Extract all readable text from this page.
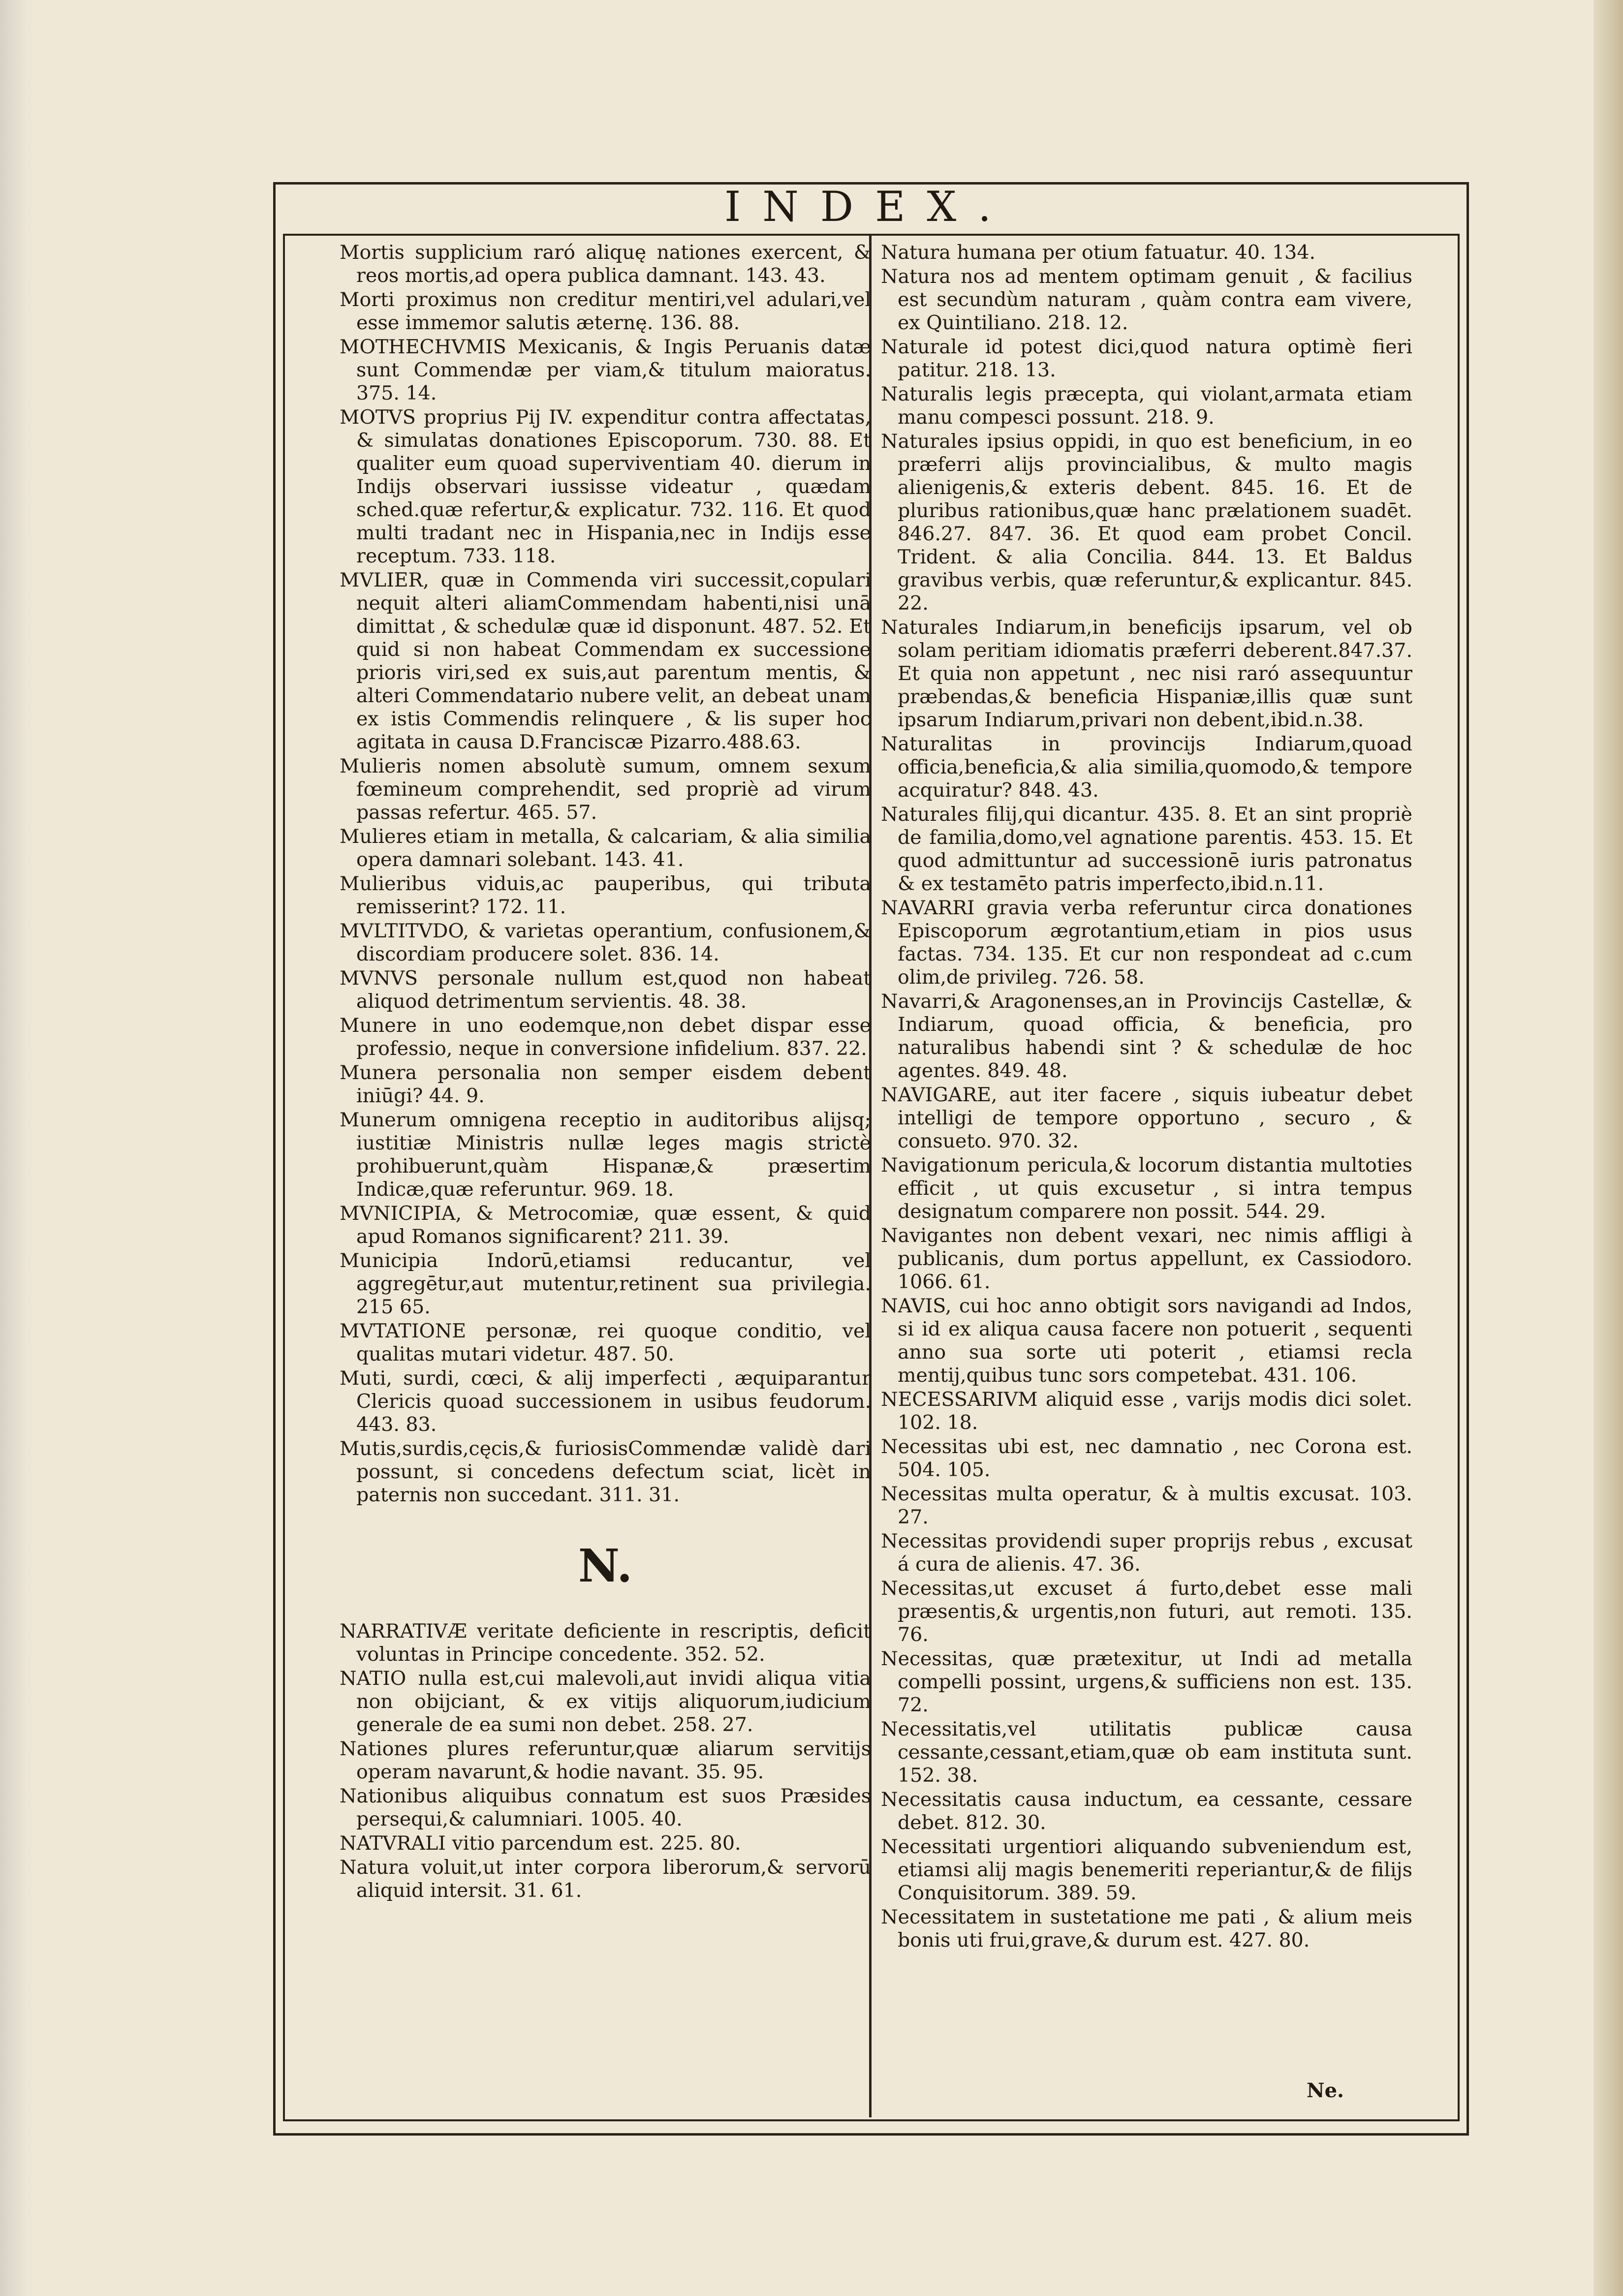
INDEX.
Mortis supplicium raró aliquę nationes exercent, & reos mortis,ad opera publica damnant. 143. 43.
Morti proximus non creditur mentiri,vel adulari,vel esse immemor salutis æternę. 136. 88.
MOTHECHVMIS Mexicanis, & Ingis Peruanis datæ sunt Commendæ per viam,& titulum maioratus. 375. 14.
MOTVS proprius Pij IV. expenditur contra affectatas, & simulatas donationes Episcoporum. 730. 88. Et qualiter eum quoad superviventiam 40. dierum in Indijs observari iussisse videatur , quædam sched.quæ refertur,& explicatur. 732. 116. Et quod multi tradant nec in Hispania,nec in Indijs esse receptum. 733. 118.
MVLIER, quæ in Commenda viri successit,copulari nequit alteri aliamCommendam habenti,nisi unā dimittat , & schedulæ quæ id disponunt. 487. 52. Et quid si non habeat Commendam ex successione prioris viri,sed ex suis,aut parentum mentis, & alteri Commendatario nubere velit, an debeat unam ex istis Commendis relinquere , & lis super hoc agitata in causa D.Franciscæ Pizarro.488.63.
Mulieris nomen absolutè sumum, omnem sexum fœmineum comprehendit, sed propriè ad virum passas refertur. 465. 57.
Mulieres etiam in metalla, & calcariam, & alia similia opera damnari solebant. 143. 41.
Mulieribus viduis,ac pauperibus, qui tributa remisserint? 172. 11.
MVLTITVDO, & varietas operantium, confusionem,& discordiam producere solet. 836. 14.
MVNVS personale nullum est,quod non habeat aliquod detrimentum servientis. 48. 38.
Munere in uno eodemque,non debet dispar esse professio, neque in conversione infidelium. 837. 22.
Munera personalia non semper eisdem debent iniūgi? 44. 9.
Munerum omnigena receptio in auditoribus alijsq; iustitiæ Ministris nullæ leges magis strictè prohibuerunt,quàm Hispanæ,& præsertim Indicæ,quæ referuntur. 969. 18.
MVNICIPIA, & Metrocomiæ, quæ essent, & quid apud Romanos significarent? 211. 39.
Municipia Indorū,etiamsi reducantur, vel aggregētur,aut mutentur,retinent sua privilegia. 215 65.
MVTATIONE personæ, rei quoque conditio, vel qualitas mutari videtur. 487. 50.
Muti, surdi, cœci, & alij imperfecti , æquiparantur Clericis quoad successionem in usibus feudorum. 443. 83.
Mutis,surdis,cęcis,& furiosisCommendæ validè dari possunt, si concedens defectum sciat, licèt in paternis non succedant. 311. 31.
N.
NARRATIVÆ veritate deficiente in rescriptis, deficit voluntas in Principe concedente. 352. 52.
NATIO nulla est,cui malevoli,aut invidi aliqua vitia non obijciant, & ex vitijs aliquorum,iudicium generale de ea sumi non debet. 258. 27.
Nationes plures referuntur,quæ aliarum servitijs operam navarunt,& hodie navant. 35. 95.
Nationibus aliquibus connatum est suos Præsides persequi,& calumniari. 1005. 40.
NATVRALI vitio parcendum est. 225. 80.
Natura voluit,ut inter corpora liberorum,& servorū aliquid intersit. 31. 61.
Natura humana per otium fatuatur. 40. 134.
Natura nos ad mentem optimam genuit , & facilius est secundùm naturam , quàm contra eam vivere, ex Quintiliano. 218. 12.
Naturale id potest dici,quod natura optimè fieri patitur. 218. 13.
Naturalis legis præcepta, qui violant,armata etiam manu compesci possunt. 218. 9.
Naturales ipsius oppidi, in quo est beneficium, in eo præferri alijs provincialibus, & multo magis alienigenis,& exteris debent. 845. 16. Et de pluribus rationibus,quæ hanc prælationem suadēt. 846.27. 847. 36. Et quod eam probet Concil. Trident. & alia Concilia. 844. 13. Et Baldus gravibus verbis, quæ referuntur,& explicantur. 845. 22.
Naturales Indiarum,in beneficijs ipsarum, vel ob solam peritiam idiomatis præferri deberent.847.37. Et quia non appetunt , nec nisi raró assequuntur præbendas,& beneficia Hispaniæ,illis quæ sunt ipsarum Indiarum,privari non debent,ibid.n.38.
Naturalitas in provincijs Indiarum,quoad officia,beneficia,& alia similia,quomodo,& tempore acquiratur? 848. 43.
Naturales filij,qui dicantur. 435. 8. Et an sint propriè de familia,domo,vel agnatione parentis. 453. 15. Et quod admittuntur ad successionē iuris patronatus & ex testamēto patris imperfecto,ibid.n.11.
NAVARRI gravia verba referuntur circa donationes Episcoporum ægrotantium,etiam in pios usus factas. 734. 135. Et cur non respondeat ad c.cum olim,de privileg. 726. 58.
Navarri,& Aragonenses,an in Provincijs Castellæ, & Indiarum, quoad officia, & beneficia, pro naturalibus habendi sint ? & schedulæ de hoc agentes. 849. 48.
NAVIGARE, aut iter facere , siquis iubeatur debet intelligi de tempore opportuno , securo , & consueto. 970. 32.
Navigationum pericula,& locorum distantia multoties efficit , ut quis excusetur , si intra tempus designatum comparere non possit. 544. 29.
Navigantes non debent vexari, nec nimis affligi à publicanis, dum portus appellunt, ex Cassiodoro. 1066. 61.
NAVIS, cui hoc anno obtigit sors navigandi ad Indos, si id ex aliqua causa facere non potuerit , sequenti anno sua sorte uti poterit , etiamsi recla mentij,quibus tunc sors competebat. 431. 106.
NECESSARIVM aliquid esse , varijs modis dici solet. 102. 18.
Necessitas ubi est, nec damnatio , nec Corona est. 504. 105.
Necessitas multa operatur, & à multis excusat. 103. 27.
Necessitas providendi super proprijs rebus , excusat á cura de alienis. 47. 36.
Necessitas,ut excuset á furto,debet esse mali præsentis,& urgentis,non futuri, aut remoti. 135. 76.
Necessitas, quæ prætexitur, ut Indi ad metalla compelli possint, urgens,& sufficiens non est. 135. 72.
Necessitatis,vel utilitatis publicæ causa cessante,cessant,etiam,quæ ob eam instituta sunt. 152. 38.
Necessitatis causa inductum, ea cessante, cessare debet. 812. 30.
Necessitati urgentiori aliquando subveniendum est, etiamsi alij magis benemeriti reperiantur,& de filijs Conquisitorum. 389. 59.
Necessitatem in sustetatione me pati , & alium meis bonis uti frui,grave,& durum est. 427. 80.
Ne.
